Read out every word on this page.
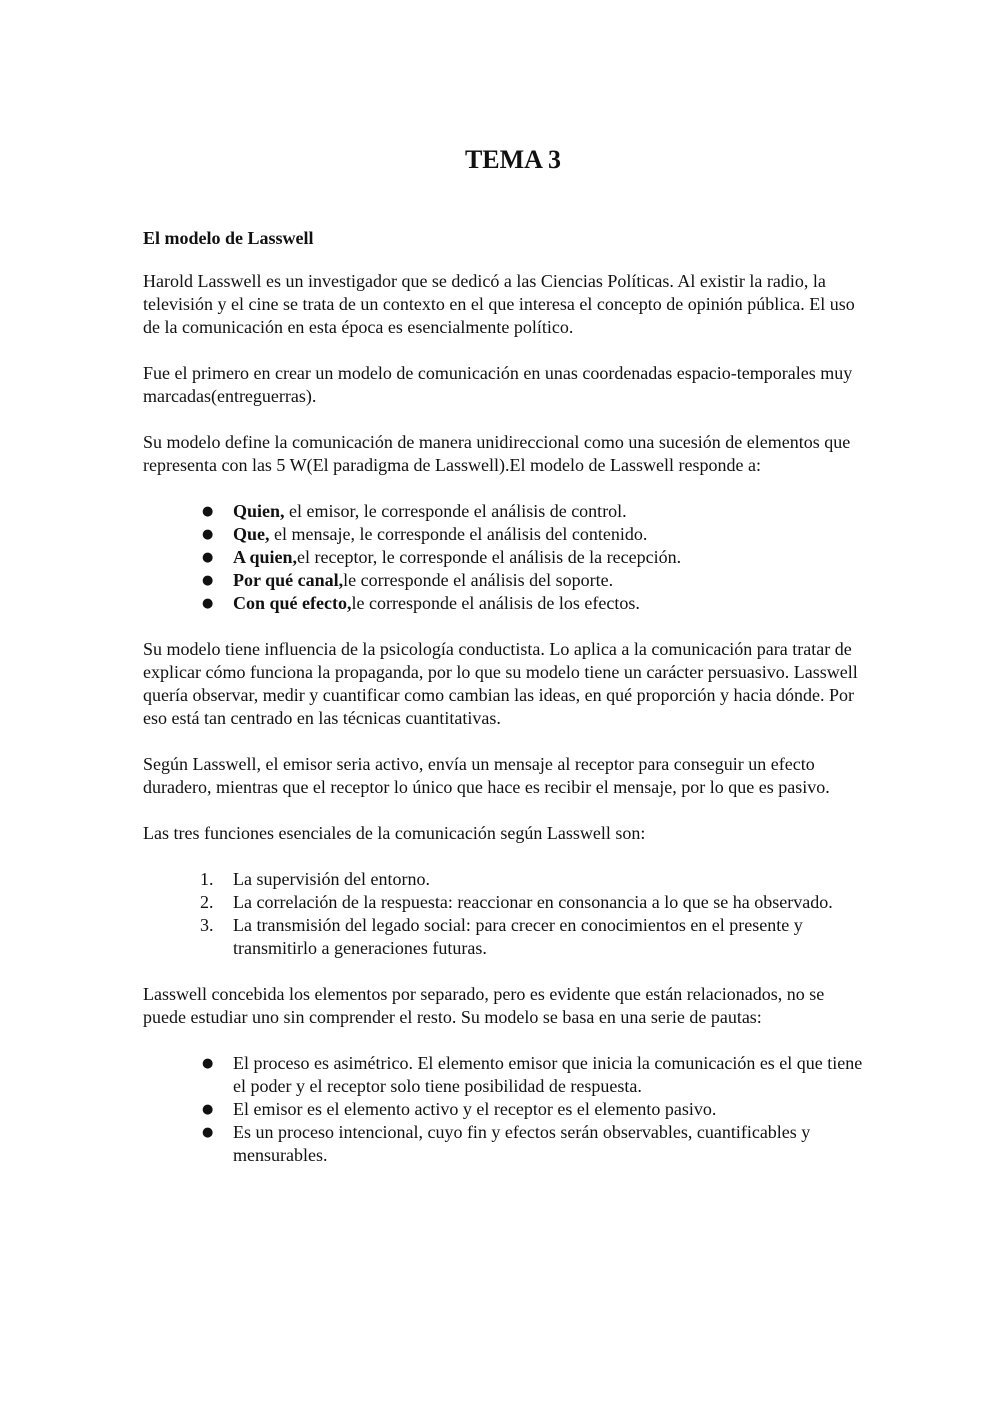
TEMA 3
El modelo de Lasswell

Harold Lasswell es un investigador que se dedicó a las Ciencias Políticas. Al existir la radio, la televisión y el cine se trata de un contexto en el que interesa el concepto de opinión pública. El uso de la comunicación en esta época es esencialmente político.

Fue el primero en crear un modelo de comunicación en unas coordenadas espacio-temporales muy marcadas(entreguerras).

Su modelo define la comunicación de manera unidireccional como una sucesión de elementos que representa con las 5 W(El paradigma de Lasswell).El modelo de Lasswell responde a:

● Quien, el emisor, le corresponde el análisis de control.
● Que, el mensaje, le corresponde el análisis del contenido.
● A quien,el receptor, le corresponde el análisis de la recepción.
● Por qué canal,le corresponde el análisis del soporte.
● Con qué efecto,le corresponde el análisis de los efectos.

Su modelo tiene influencia de la psicología conductista. Lo aplica a la comunicación para tratar de explicar cómo funciona la propaganda, por lo que su modelo tiene un carácter persuasivo. Lasswell quería observar, medir y cuantificar como cambian las ideas, en qué proporción y hacia dónde. Por eso está tan centrado en las técnicas cuantitativas.

Según Lasswell, el emisor seria activo, envía un mensaje al receptor para conseguir un efecto duradero, mientras que el receptor lo único que hace es recibir el mensaje, por lo que es pasivo.

Las tres funciones esenciales de la comunicación según Lasswell son:

1. La supervisión del entorno.
2. La correlación de la respuesta: reaccionar en consonancia a lo que se ha observado.
3. La transmisión del legado social: para crecer en conocimientos en el presente y transmitirlo a generaciones futuras.

Lasswell concebida los elementos por separado, pero es evidente que están relacionados, no se puede estudiar uno sin comprender el resto. Su modelo se basa en una serie de pautas:

● El proceso es asimétrico. El elemento emisor que inicia la comunicación es el que tiene el poder y el receptor solo tiene posibilidad de respuesta.
● El emisor es el elemento activo y el receptor es el elemento pasivo.
● Es un proceso intencional, cuyo fin y efectos serán observables, cuantificables y mensurables.
